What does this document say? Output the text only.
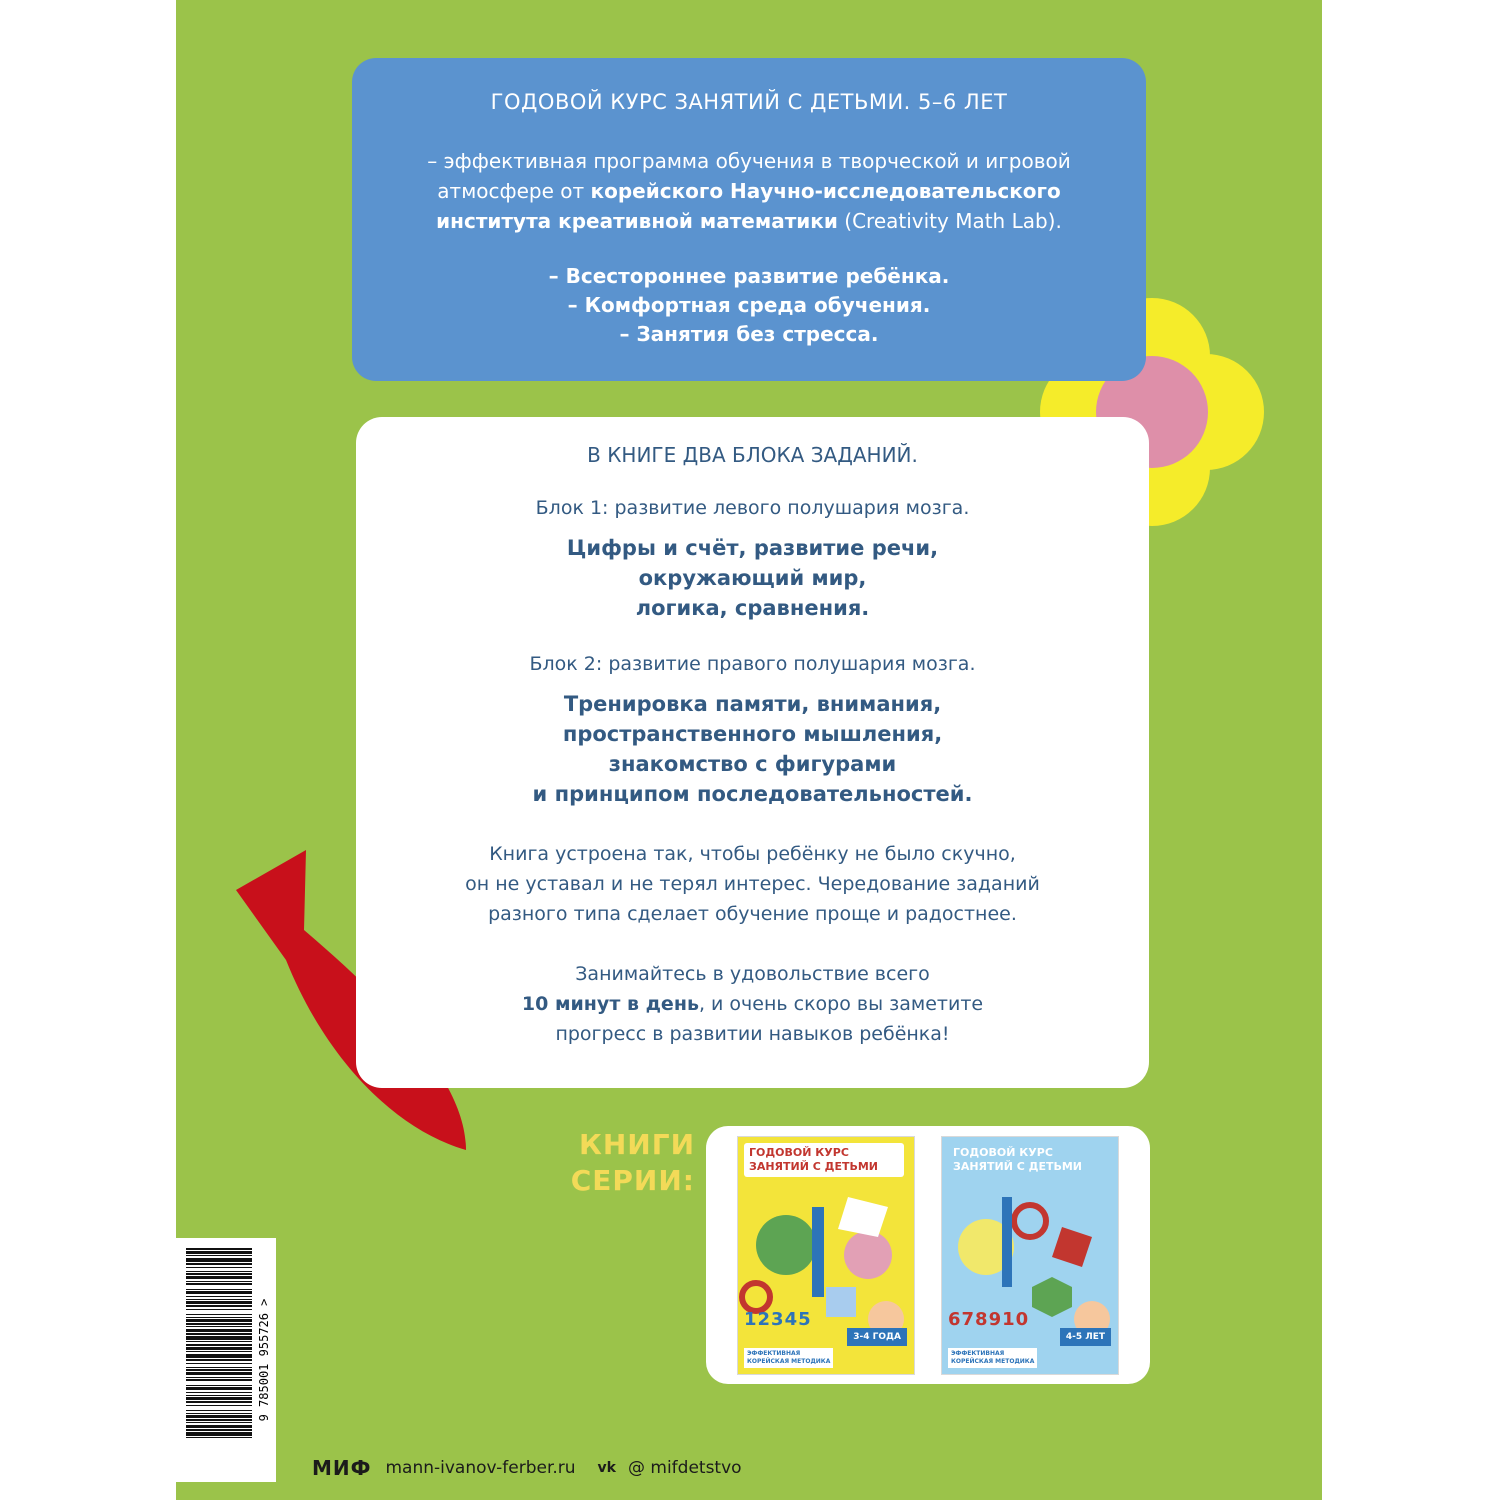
ГОДОВОЙ КУРС ЗАНЯТИЙ С ДЕТЬМИ. 5–6 ЛЕТ
– эффективная программа обучения в творческой и игровой
атмосфере от корейского Научно-исследовательского
института креативной математики (Creativity Math Lab).
– Всестороннее развитие ребёнка.
– Комфортная среда обучения.
– Занятия без стресса.
В КНИГЕ ДВА БЛОКА ЗАДАНИЙ.
Блок 1: развитие левого полушария мозга.
Цифры и счёт, развитие речи,
окружающий мир,
логика, сравнения.
Блок 2: развитие правого полушария мозга.
Тренировка памяти, внимания,
пространственного мышления,
знакомство с фигурами
и принципом последовательностей.
Книга устроена так, чтобы ребёнку не было скучно,
он не уставал и не терял интерес. Чередование заданий
разного типа сделает обучение проще и радостнее.
Занимайтесь в удовольствие всего
10 минут в день, и очень скоро вы заметите
прогресс в развитии навыков ребёнка!
КНИГИ
СЕРИИ:
ГОДОВОЙ КУРС
ЗАНЯТИЙ С ДЕТЬМИ
12345
3-4 ГОДА
ЭФФЕКТИВНАЯ
КОРЕЙСКАЯ МЕТОДИКА
ГОДОВОЙ КУРС
ЗАНЯТИЙ С ДЕТЬМИ
678910
4-5 ЛЕТ
ЭФФЕКТИВНАЯ
КОРЕЙСКАЯ МЕТОДИКА
9 785001 955726 >
МИФ mann-ivanov-ferber.ru vk @ mifdetstvo
